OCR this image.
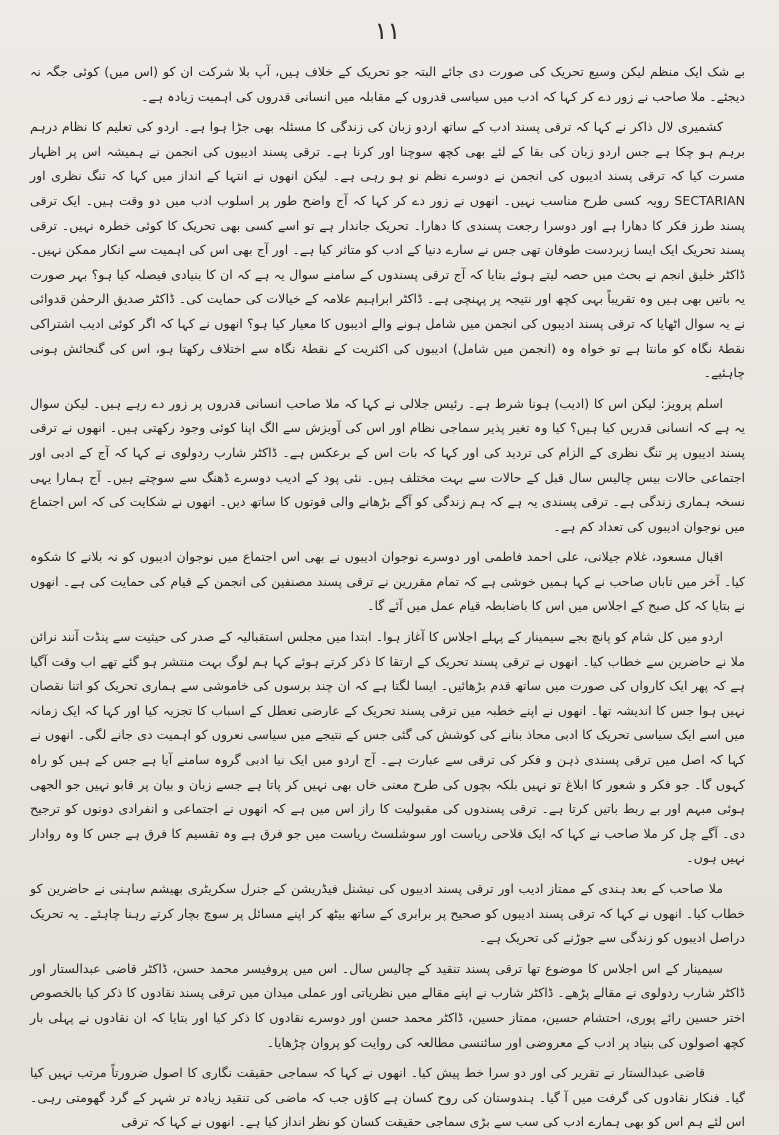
۱۱

بے شک ایک منظم لیکن وسیع تحریک کی صورت دی جائے البتہ جو تحریک کے خلاف ہیں، آپ بلا شرکت ان کو (اس میں) کوئی جگہ نہ دیجئے۔ ملا صاحب نے زور دے کر کہا کہ ادب میں سیاسی قدروں کے مقابلہ میں انسانی قدروں کی اہمیت زیادہ ہے۔

کشمیری لال ذاکر نے کہا کہ ترقی پسند ادب کے ساتھ اردو زبان کی زندگی کا مسئلہ بھی جڑا ہوا ہے۔ اردو کی تعلیم کا نظام درہم برہم ہو چکا ہے جس اردو زبان کی بقا کے لئے بھی کچھ سوچنا اور کرنا ہے۔ ترقی پسند ادیبوں کی انجمن نے ہمیشہ اس پر اظہار مسرت کیا کہ ترقی پسند ادیبوں کی انجمن نے دوسرے نظم نو ہو رہی ہے۔ لیکن انھوں نے انتہا کے انداز میں کہا کہ تنگ نظری اور SECTARIAN رویہ کسی طرح مناسب نہیں۔ انھوں نے زور دے کر کہا کہ آج واضح طور پر اسلوب ادب میں دو وقت ہیں۔ ایک ترقی پسند طرز فکر کا دھارا ہے اور دوسرا رجعت پسندی کا دھارا۔ تحریک جاندار ہے تو اسے کسی بھی تحریک کا کوئی خطرہ نہیں۔ ترقی پسند تحریک ایک ایسا زبردست طوفان تھی جس نے سارے دنیا کے ادب کو متاثر کیا ہے۔ اور آج بھی اس کی اہمیت سے انکار ممکن نہیں۔ ڈاکٹر خلیق انجم نے بحث میں حصہ لیتے ہوئے بتایا کہ آج ترقی پسندوں کے سامنے سوال یہ ہے کہ ان کا بنیادی فیصلہ کیا ہو؟ بہر صورت یہ باتیں بھی ہیں وہ تقریباً بہی کچھ اور نتیجہ پر پہنچی ہے۔ ڈاکٹر ابراہیم علامہ کے خیالات کی حمایت کی۔ ڈاکٹر صدیق الرحمٰن قدوائی نے یہ سوال اٹھایا کہ ترقی پسند ادیبوں کی انجمن میں شامل ہونے والے ادیبوں کا معیار کیا ہو؟ انھوں نے کہا کہ اگر کوئی ادیب اشتراکی نقطۂ نگاہ کو مانتا ہے تو خواہ وہ (انجمن میں شامل) ادیبوں کی اکثریت کے نقطۂ نگاہ سے اختلاف رکھتا ہو، اس کی گنجائش ہونی چاہئیے۔

اسلم پرویز: لیکن اس کا (ادیب) ہونا شرط ہے۔ رئیس جلالی نے کہا کہ ملا صاحب انسانی قدروں پر زور دے رہے ہیں۔ لیکن سوال یہ ہے کہ انسانی قدریں کیا ہیں؟ کیا وہ تغیر پذیر سماجی نظام اور اس کی آویزش سے الگ اپنا کوئی وجود رکھتی ہیں۔ انھوں نے ترقی پسند ادیبوں پر تنگ نظری کے الزام کی تردید کی اور کہا کہ بات اس کے برعکس ہے۔ ڈاکٹر شارب ردولوی نے کہا کہ آج کے ادبی اور اجتماعی حالات بیس چالیس سال قبل کے حالات سے بہت مختلف ہیں۔ نئی پود کے ادیب دوسرے ڈھنگ سے سوچتے ہیں۔ آج ہمارا یہی نسخہ ہماری زندگی ہے۔ ترقی پسندی یہ ہے کہ ہم زندگی کو آگے بڑھانے والی قوتوں کا ساتھ دیں۔ انھوں نے شکایت کی کہ اس اجتماع میں نوجوان ادیبوں کی تعداد کم ہے۔

اقبال مسعود، غلام جیلانی، علی احمد فاطمی اور دوسرے نوجوان ادیبوں نے بھی اس اجتماع میں نوجوان ادیبوں کو نہ بلانے کا شکوہ کیا۔ آخر میں تاباں صاحب نے کہا ہمیں خوشی ہے کہ تمام مقررین نے ترقی پسند مصنفین کی انجمن کے قیام کی حمایت کی ہے۔ انھوں نے بتایا کہ کل صبح کے اجلاس میں اس کا باضابطہ قیام عمل میں آئے گا۔

اردو میں کل شام کو پانچ بجے سیمینار کے پہلے اجلاس کا آغاز ہوا۔ ابتدا میں مجلس استقبالیہ کے صدر کی حیثیت سے پنڈت آنند نرائن ملا نے حاضرین سے خطاب کیا۔ انھوں نے ترقی پسند تحریک کے ارتقا کا ذکر کرتے ہوئے کہا ہم لوگ بہت منتشر ہو گئے تھے اب وقت آگیا ہے کہ پھر ایک کارواں کی صورت میں ساتھ قدم بڑھائیں۔ ایسا لگتا ہے کہ ان چند برسوں کی خاموشی سے ہماری تحریک کو اتنا نقصان نہیں ہوا جس کا اندیشہ تھا۔ انھوں نے اپنے خطبہ میں ترقی پسند تحریک کے عارضی تعطل کے اسباب کا تجزیہ کیا اور کہا کہ ایک زمانہ میں اسے ایک سیاسی تحریک کا ادبی محاذ بنانے کی کوشش کی گئی جس کے نتیجے میں سیاسی نعروں کو اہمیت دی جانے لگی۔ انھوں نے کہا کہ اصل میں ترقی پسندی ذہن و فکر کی ترقی سے عبارت ہے۔ آج اردو میں ایک نیا ادبی گروہ سامنے آیا ہے جس کے ہیں کو راہ کہوں گا۔ جو فکر و شعور کا ابلاغ تو نہیں بلکہ بچوں کی طرح معنی خاں بھی نہیں کر پاتا ہے جسے زبان و بیان پر قابو نہیں جو الجھی ہوئی مبہم اور بے ربط باتیں کرتا ہے۔ ترقی پسندوں کی مقبولیت کا راز اس میں ہے کہ انھوں نے اجتماعی و انفرادی دونوں کو ترجیح دی۔ آگے چل کر ملا صاحب نے کہا کہ ایک فلاحی ریاست اور سوشلسٹ ریاست میں جو فرق ہے وہ تقسیم کا فرق ہے جس کا وہ روادار نہیں ہوں۔

ملا صاحب کے بعد ہندی کے ممتاز ادیب اور ترقی پسند ادیبوں کی نیشنل فیڈریشن کے جنرل سکریٹری بھیشم ساہنی نے حاضرین کو خطاب کیا۔ انھوں نے کہا کہ ترقی پسند ادیبوں کو صحیح پر برابری کے ساتھ بیٹھ کر اپنے مسائل پر سوچ بچار کرتے رہنا چاہئے۔ یہ تحریک دراصل ادیبوں کو زندگی سے جوڑنے کی تحریک ہے۔

سیمینار کے اس اجلاس کا موضوع تھا ترقی پسند تنقید کے چالیس سال۔ اس میں پروفیسر محمد حسن، ڈاکٹر قاضی عبدالستار اور ڈاکٹر شارب ردولوی نے مقالے پڑھے۔ ڈاکٹر شارب نے اپنے مقالے میں نظریاتی اور عملی میدان میں ترقی پسند نقادوں کا ذکر کیا بالخصوص اختر حسین رائے پوری، احتشام حسین، ممتاز حسین، ڈاکٹر محمد حسن اور دوسرے نقادوں کا ذکر کیا اور بتایا کہ ان نقادوں نے پہلی بار کچھ اصولوں کی بنیاد پر ادب کے معروضی اور سائنسی مطالعہ کی روایت کو پروان چڑھایا۔

قاضی عبدالستار نے تقریر کی اور دو سرا خط پیش کیا۔ انھوں نے کہا کہ سماجی حقیقت نگاری کا اصول ضرورتاً مرتب نہیں کیا گیا۔ فنکار نقادوں کی گرفت میں آ گیا۔ ہندوستان کی روح کسان ہے کاؤں جب کہ ماضی کی تنقید زیادہ تر شہر کے گرد گھومتی رہی۔ اس لئے ہم اس کو بھی ہمارے ادب کی سب سے بڑی سماجی حقیقت کسان کو نظر انداز کیا ہے۔ انھوں نے کہا کہ ترقی
